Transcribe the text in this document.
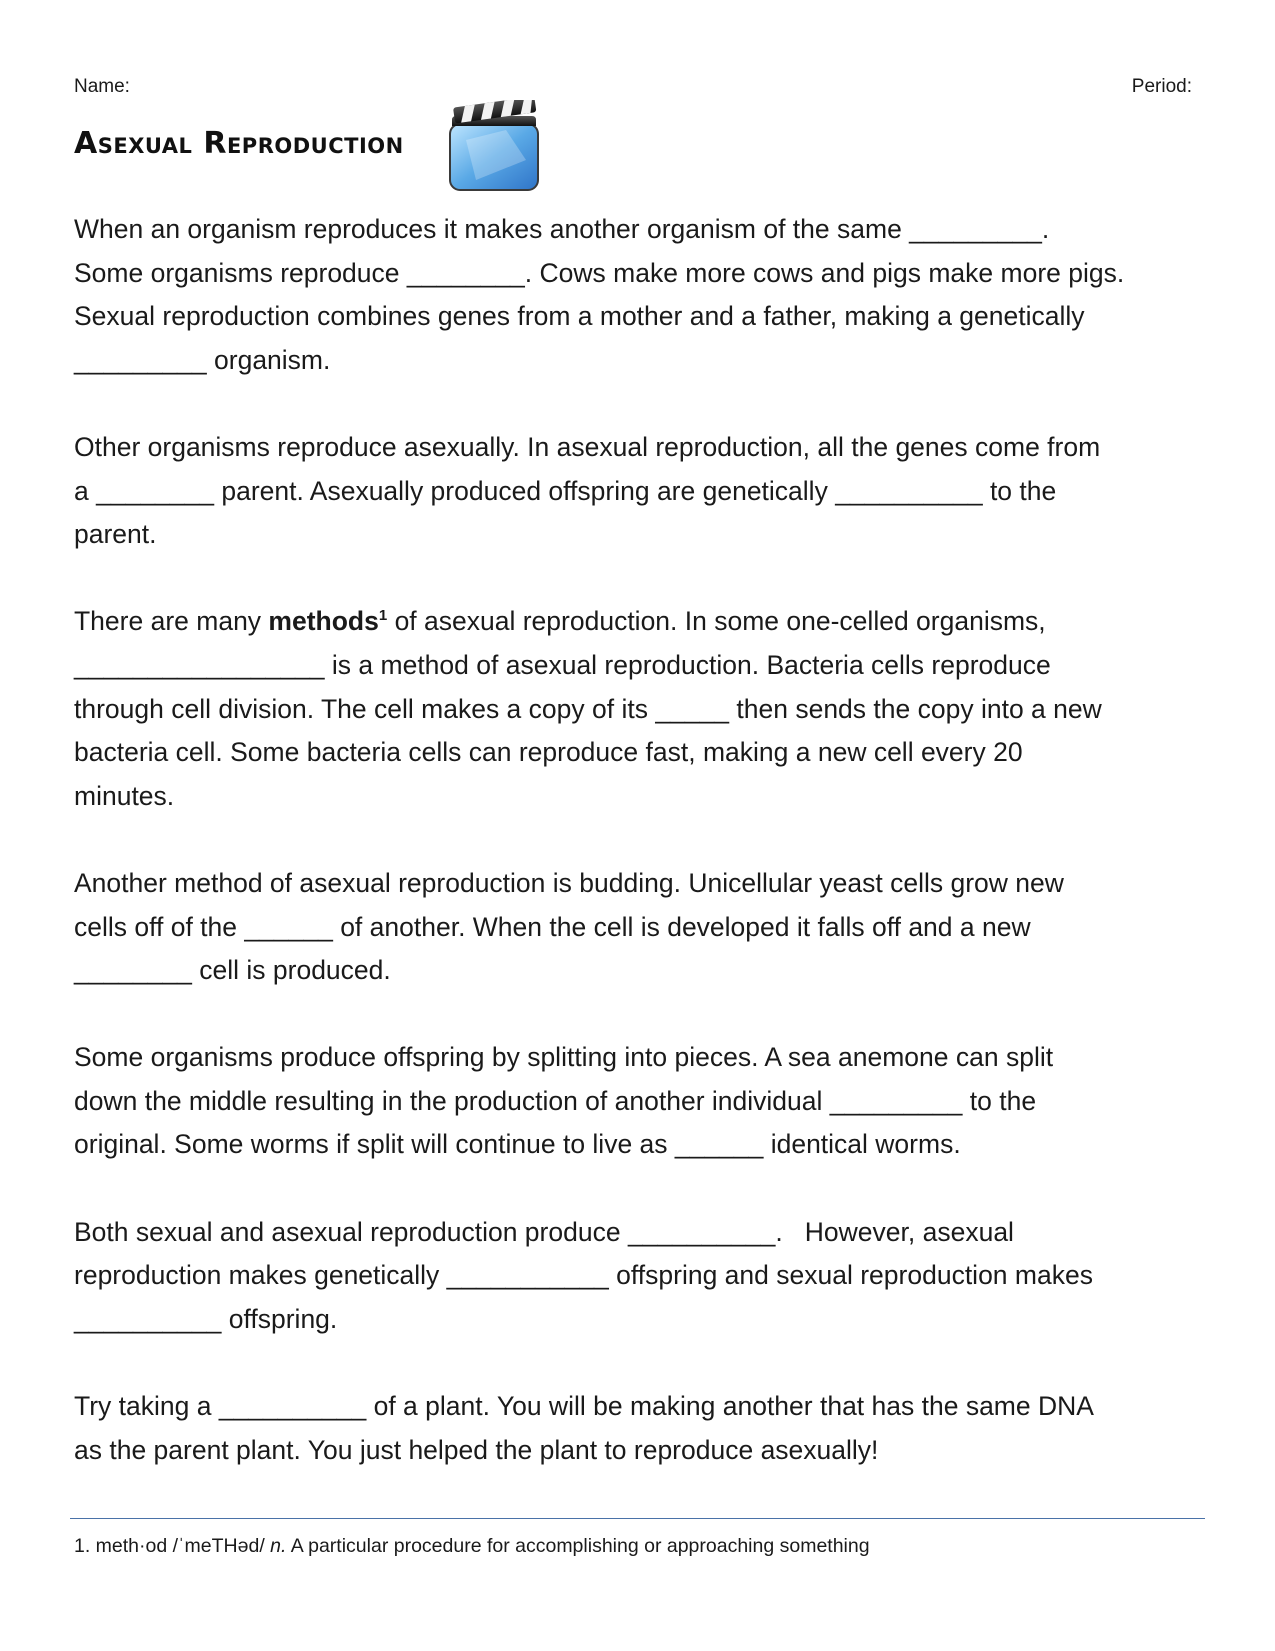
Name:	Period:
Asexual Reproduction

When an organism reproduces it makes another organism of the same _________.
Some organisms reproduce ________. Cows make more cows and pigs make more pigs.
Sexual reproduction combines genes from a mother and a father, making a genetically
_________ organism.

Other organisms reproduce asexually. In asexual reproduction, all the genes come from
a ________ parent. Asexually produced offspring are genetically __________ to the
parent.

There are many methods$^1$ of asexual reproduction. In some one-celled organisms,
_________________ is a method of asexual reproduction. Bacteria cells reproduce
through cell division. The cell makes a copy of its _____ then sends the copy into a new
bacteria cell. Some bacteria cells can reproduce fast, making a new cell every 20
minutes.

Another method of asexual reproduction is budding. Unicellular yeast cells grow new
cells off of the ______ of another. When the cell is developed it falls off and a new
________ cell is produced.

Some organisms produce offspring by splitting into pieces. A sea anemone can split
down the middle resulting in the production of another individual _________ to the
original. Some worms if split will continue to live as ______ identical worms.

Both sexual and asexual reproduction produce __________.   However, asexual
reproduction makes genetically ___________ offspring and sexual reproduction makes
__________ offspring.

Try taking a __________ of a plant. You will be making another that has the same DNA
as the parent plant. You just helped the plant to reproduce asexually!

1. meth·od /ˈmeTHəd/ n. A particular procedure for accomplishing or approaching something
